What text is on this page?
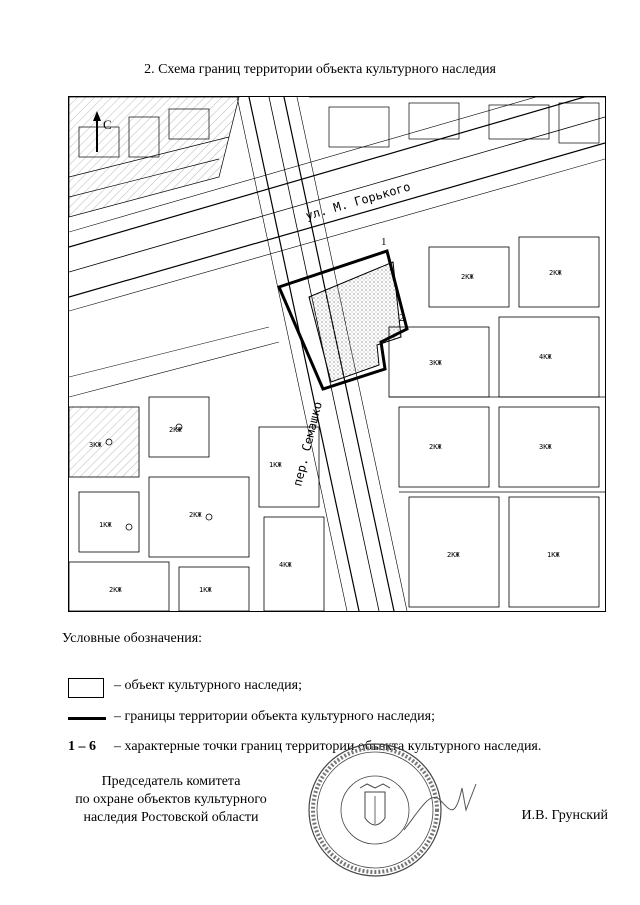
2. Схема границ территории объекта культурного наследия
1
2
ул. М. Горького
пер. Семашко
2КЖ	2КЖ
3КЖ
4КЖ
2КЖ	3КЖ
2КЖ	1КЖ
3КЖ
2КЖ
1КЖ
2КЖ
1КЖ
4КЖ
1КЖ
2КЖ
С
Условные обозначения:
– объект культурного наследия;
– границы территории объекта культурного наследия;
1 – 6 – характерные точки границ территории объекта культурного наследия.
Председатель комитета
по охране объектов культурного
наследия Ростовской области	И.В. Грунский
